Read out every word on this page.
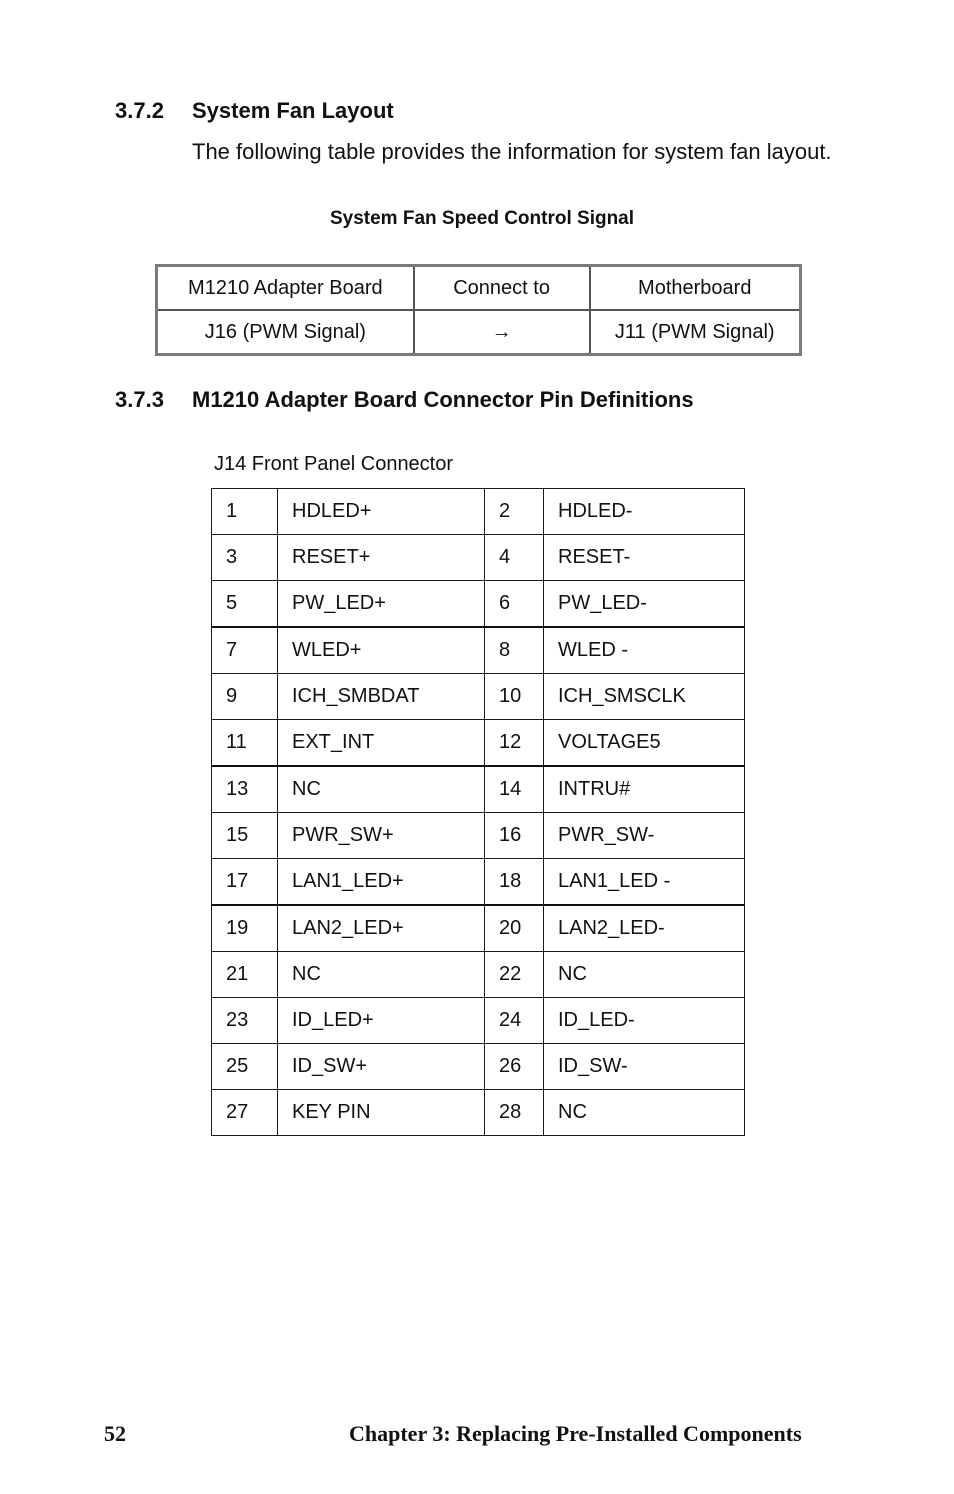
3.7.2 System Fan Layout
The following table provides the information for system fan layout.
System Fan Speed Control Signal
M1210 Adapter Board	Connect to	Motherboard
J16 (PWM Signal)	→	J11 (PWM Signal)
3.7.3 M1210 Adapter Board Connector Pin Definitions
J14 Front Panel Connector
1	HDLED+	2	HDLED-
3	RESET+	4	RESET-
5	PW_LED+	6	PW_LED-
7	WLED+	8	WLED -
9	ICH_SMBDAT	10	ICH_SMSCLK
11	EXT_INT	12	VOLTAGE5
13	NC	14	INTRU#
15	PWR_SW+	16	PWR_SW-
17	LAN1_LED+	18	LAN1_LED -
19	LAN2_LED+	20	LAN2_LED-
21	NC	22	NC
23	ID_LED+	24	ID_LED-
25	ID_SW+	26	ID_SW-
27	KEY PIN	28	NC
52	Chapter 3: Replacing Pre-Installed Components
